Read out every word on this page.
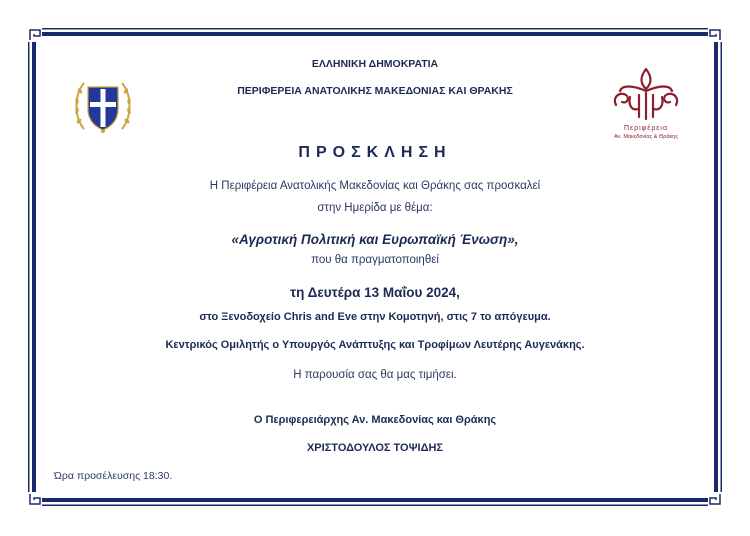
Περιφέρεια
Αν. Μακεδονίας & Θράκης
ΕΛΛΗΝΙΚΗ ΔΗΜΟΚΡΑΤΙΑ
ΠΕΡΙΦΕΡΕΙΑ ΑΝΑΤΟΛΙΚΗΣ ΜΑΚΕΔΟΝΙΑΣ ΚΑΙ ΘΡΑΚΗΣ
ΠΡΟΣΚΛΗΣΗ
Η Περιφέρεια Ανατολικής Μακεδονίας και Θράκης σας προσκαλεί
στην Ημερίδα με θέμα:
«Αγροτική Πολιτική και Ευρωπαϊκή Ένωση»,
που θα πραγματοποιηθεί
τη Δευτέρα 13 Μαΐου 2024,
στο Ξενοδοχείο Chris and Eve στην Κομοτηνή, στις 7 το απόγευμα.
Κεντρικός Ομιλητής ο Υπουργός Ανάπτυξης και Τροφίμων Λευτέρης Αυγενάκης.
Η παρουσία σας θα μας τιμήσει.
Ο Περιφερειάρχης Αν. Μακεδονίας και Θράκης
ΧΡΙΣΤΟΔΟΥΛΟΣ ΤΟΨΙΔΗΣ
Ώρα προσέλευσης 18:30.
